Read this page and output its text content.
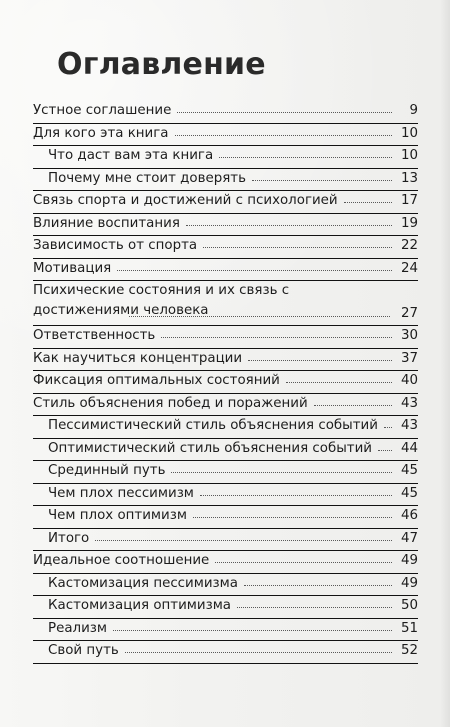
Оглавление
Устное соглашение	9
Для кого эта книга	10
Что даст вам эта книга	10
Почему мне стоит доверять	13
Связь спорта и достижений с психологией	17
Влияние воспитания	19
Зависимость от спорта	22
Мотивация	24
Психические состояния и их связь с достижениями человека	27
Ответственность	30
Как научиться концентрации	37
Фиксация оптимальных состояний	40
Стиль объяснения побед и поражений	43
Пессимистический стиль объяснения событий 43
Оптимистический стиль объяснения событий 44
Срединный путь	45
Чем плох пессимизм	45
Чем плох оптимизм	46
Итого	47
Идеальное соотношение	49
Кастомизация пессимизма	49
Кастомизация оптимизма	50
Реализм	51
Свой путь	52
